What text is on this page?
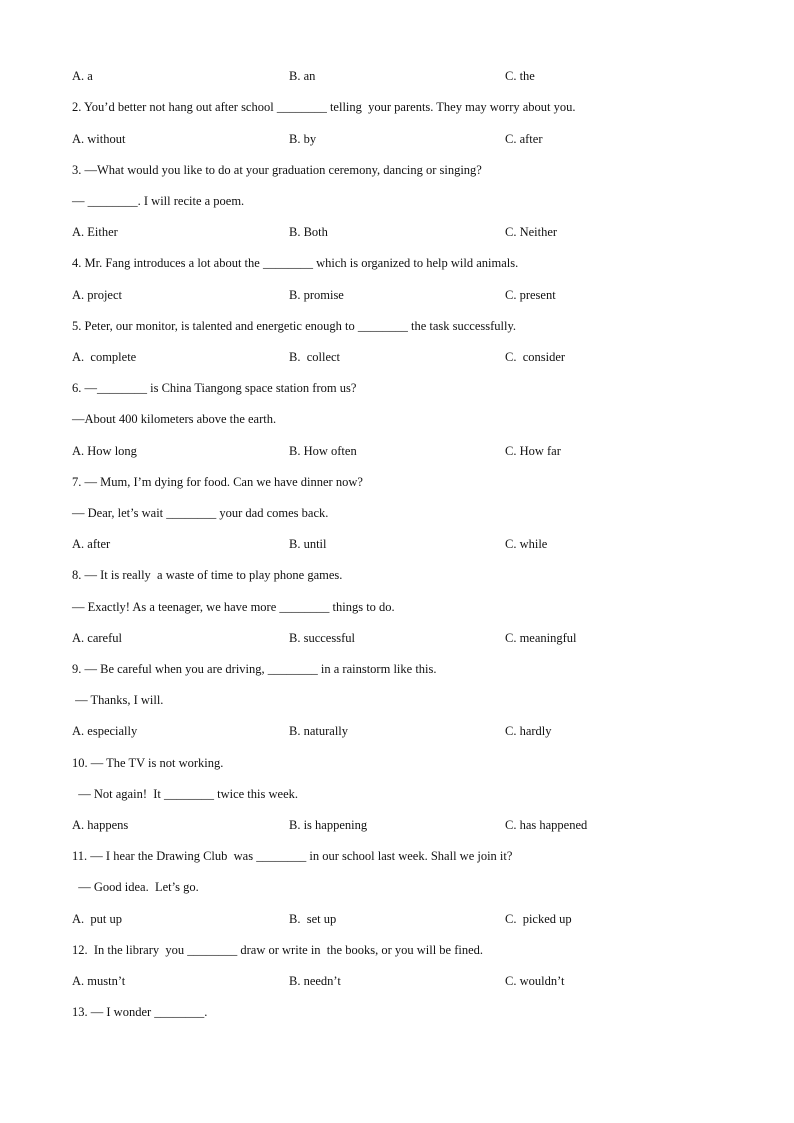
A. a	B. an	C. the
2. You’d better not hang out after school ________ telling  your parents. They may worry about you.
A. without	B. by	C. after
3. —What would you like to do at your graduation ceremony, dancing or singing?
— ________. I will recite a poem.
A. Either	B. Both	C. Neither
4. Mr. Fang introduces a lot about the ________ which is organized to help wild animals.
A. project	B. promise	C. present
5. Peter, our monitor, is talented and energetic enough to ________ the task successfully.
A.  complete	B.  collect	C.  consider
6. —________ is China Tiangong space station from us?
—About 400 kilometers above the earth.
A. How long	B. How often	C. How far
7. — Mum, I’m dying for food. Can we have dinner now?
— Dear, let’s wait ________ your dad comes back.
A. after	B. until	C. while
8. — It is really  a waste of time to play phone games.
— Exactly! As a teenager, we have more ________ things to do.
A. careful	B. successful	C. meaningful
9. — Be careful when you are driving, ________ in a rainstorm like this.
— Thanks, I will.
A. especially	B. naturally	C. hardly
10. — The TV is not working.
— Not again!  It ________ twice this week.
A. happens	B. is happening	C. has happened
11. — I hear the Drawing Club  was ________ in our school last week. Shall we join it?
— Good idea.  Let’s go.
A.  put up	B.  set up	C.  picked up
12.  In the library  you ________ draw or write in  the books, or you will be fined.
A. mustn’t	B. needn’t	C. wouldn’t
13. — I wonder ________.
